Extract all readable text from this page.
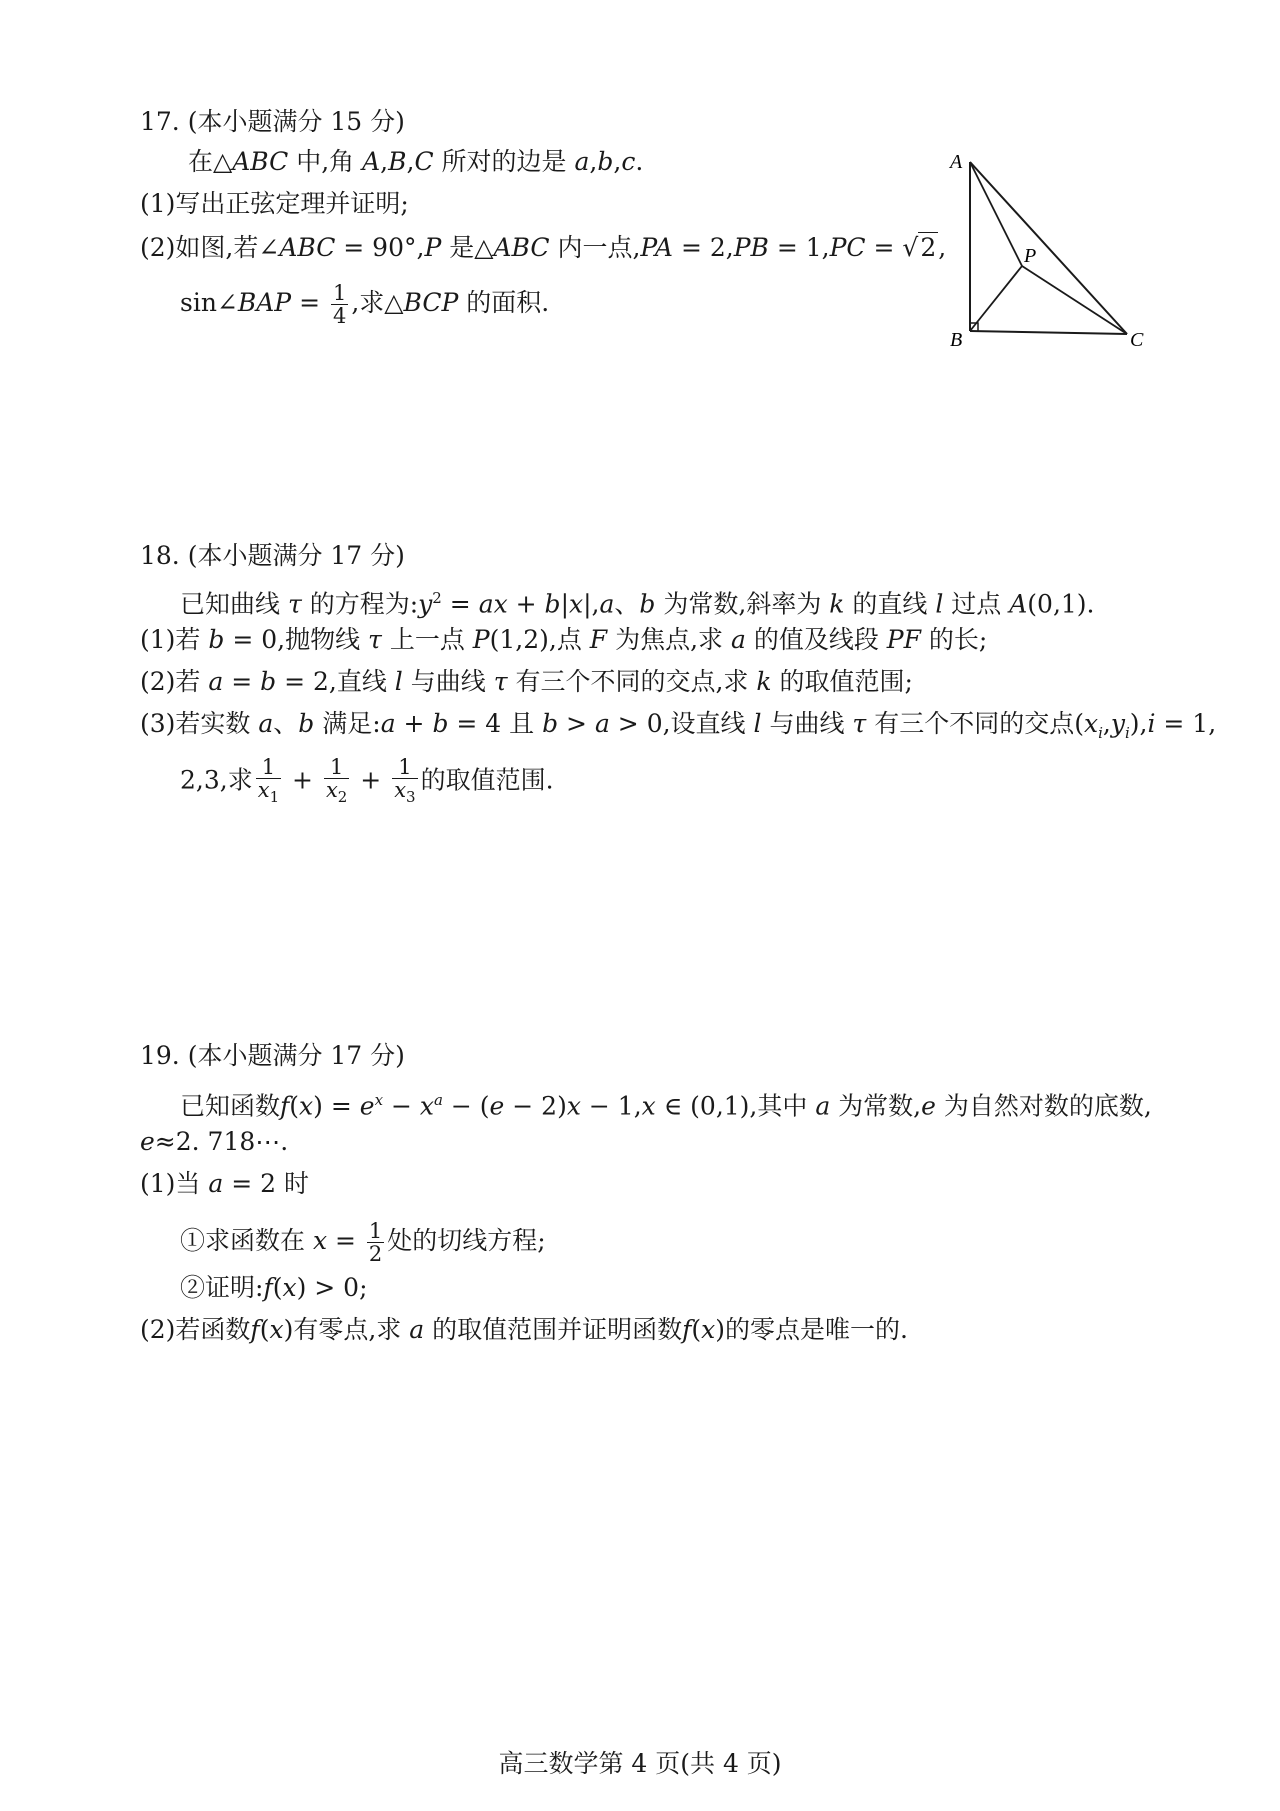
17. (本小题满分 15 分)
在△ABC 中,角 A,B,C 所对的边是 a,b,c.
(1)写出正弦定理并证明;
(2)如图,若∠ABC = 90°,P 是△ABC 内一点,PA = 2,PB = 1,PC = √2,
sin∠BAP = $\frac{1}{4}$ ,求△BCP 的面积.
A
B	C
P
18. (本小题满分 17 分)
已知曲线 τ 的方程为$:y^2$ = ax + b|x|,a、b 为常数,斜率为 k 的直线 l 过点 A(0,1).
(1)若 b = 0,抛物线 τ 上一点 P(1,2),点 F 为焦点,求 a 的值及线段 PF 的长;
(2)若 a = b = 2,直线 l 与曲线 τ 有三个不同的交点,求 k 的取值范围;
(3)若实数 a、b 满足:a + b = 4 且 b > a > 0,设直线 l 与曲线 τ 有三个不同的交点$(x_i,y_i),i = 1$,
2,3,求 $\frac{1}{x_1} + \frac{1}{x_2} + \frac{1}{x_3}$ 的取值范围.
19. (本小题满分 17 分)
已知函数$f(x) = e^x - x^a - (e - 2)x - 1,x$ ∈ (0,1),其中 a 为常数,e 为自然对数的底数,
e≈2. 718⋯.
(1)当 a = 2 时
①求函数在 $x = \frac{1}{2}$ 处的切线方程;
②证明:f(x) > 0;
(2)若函数f(x)有零点,求 a 的取值范围并证明函数f(x)的零点是唯一的.
高三数学第 4 页(共 4 页)
